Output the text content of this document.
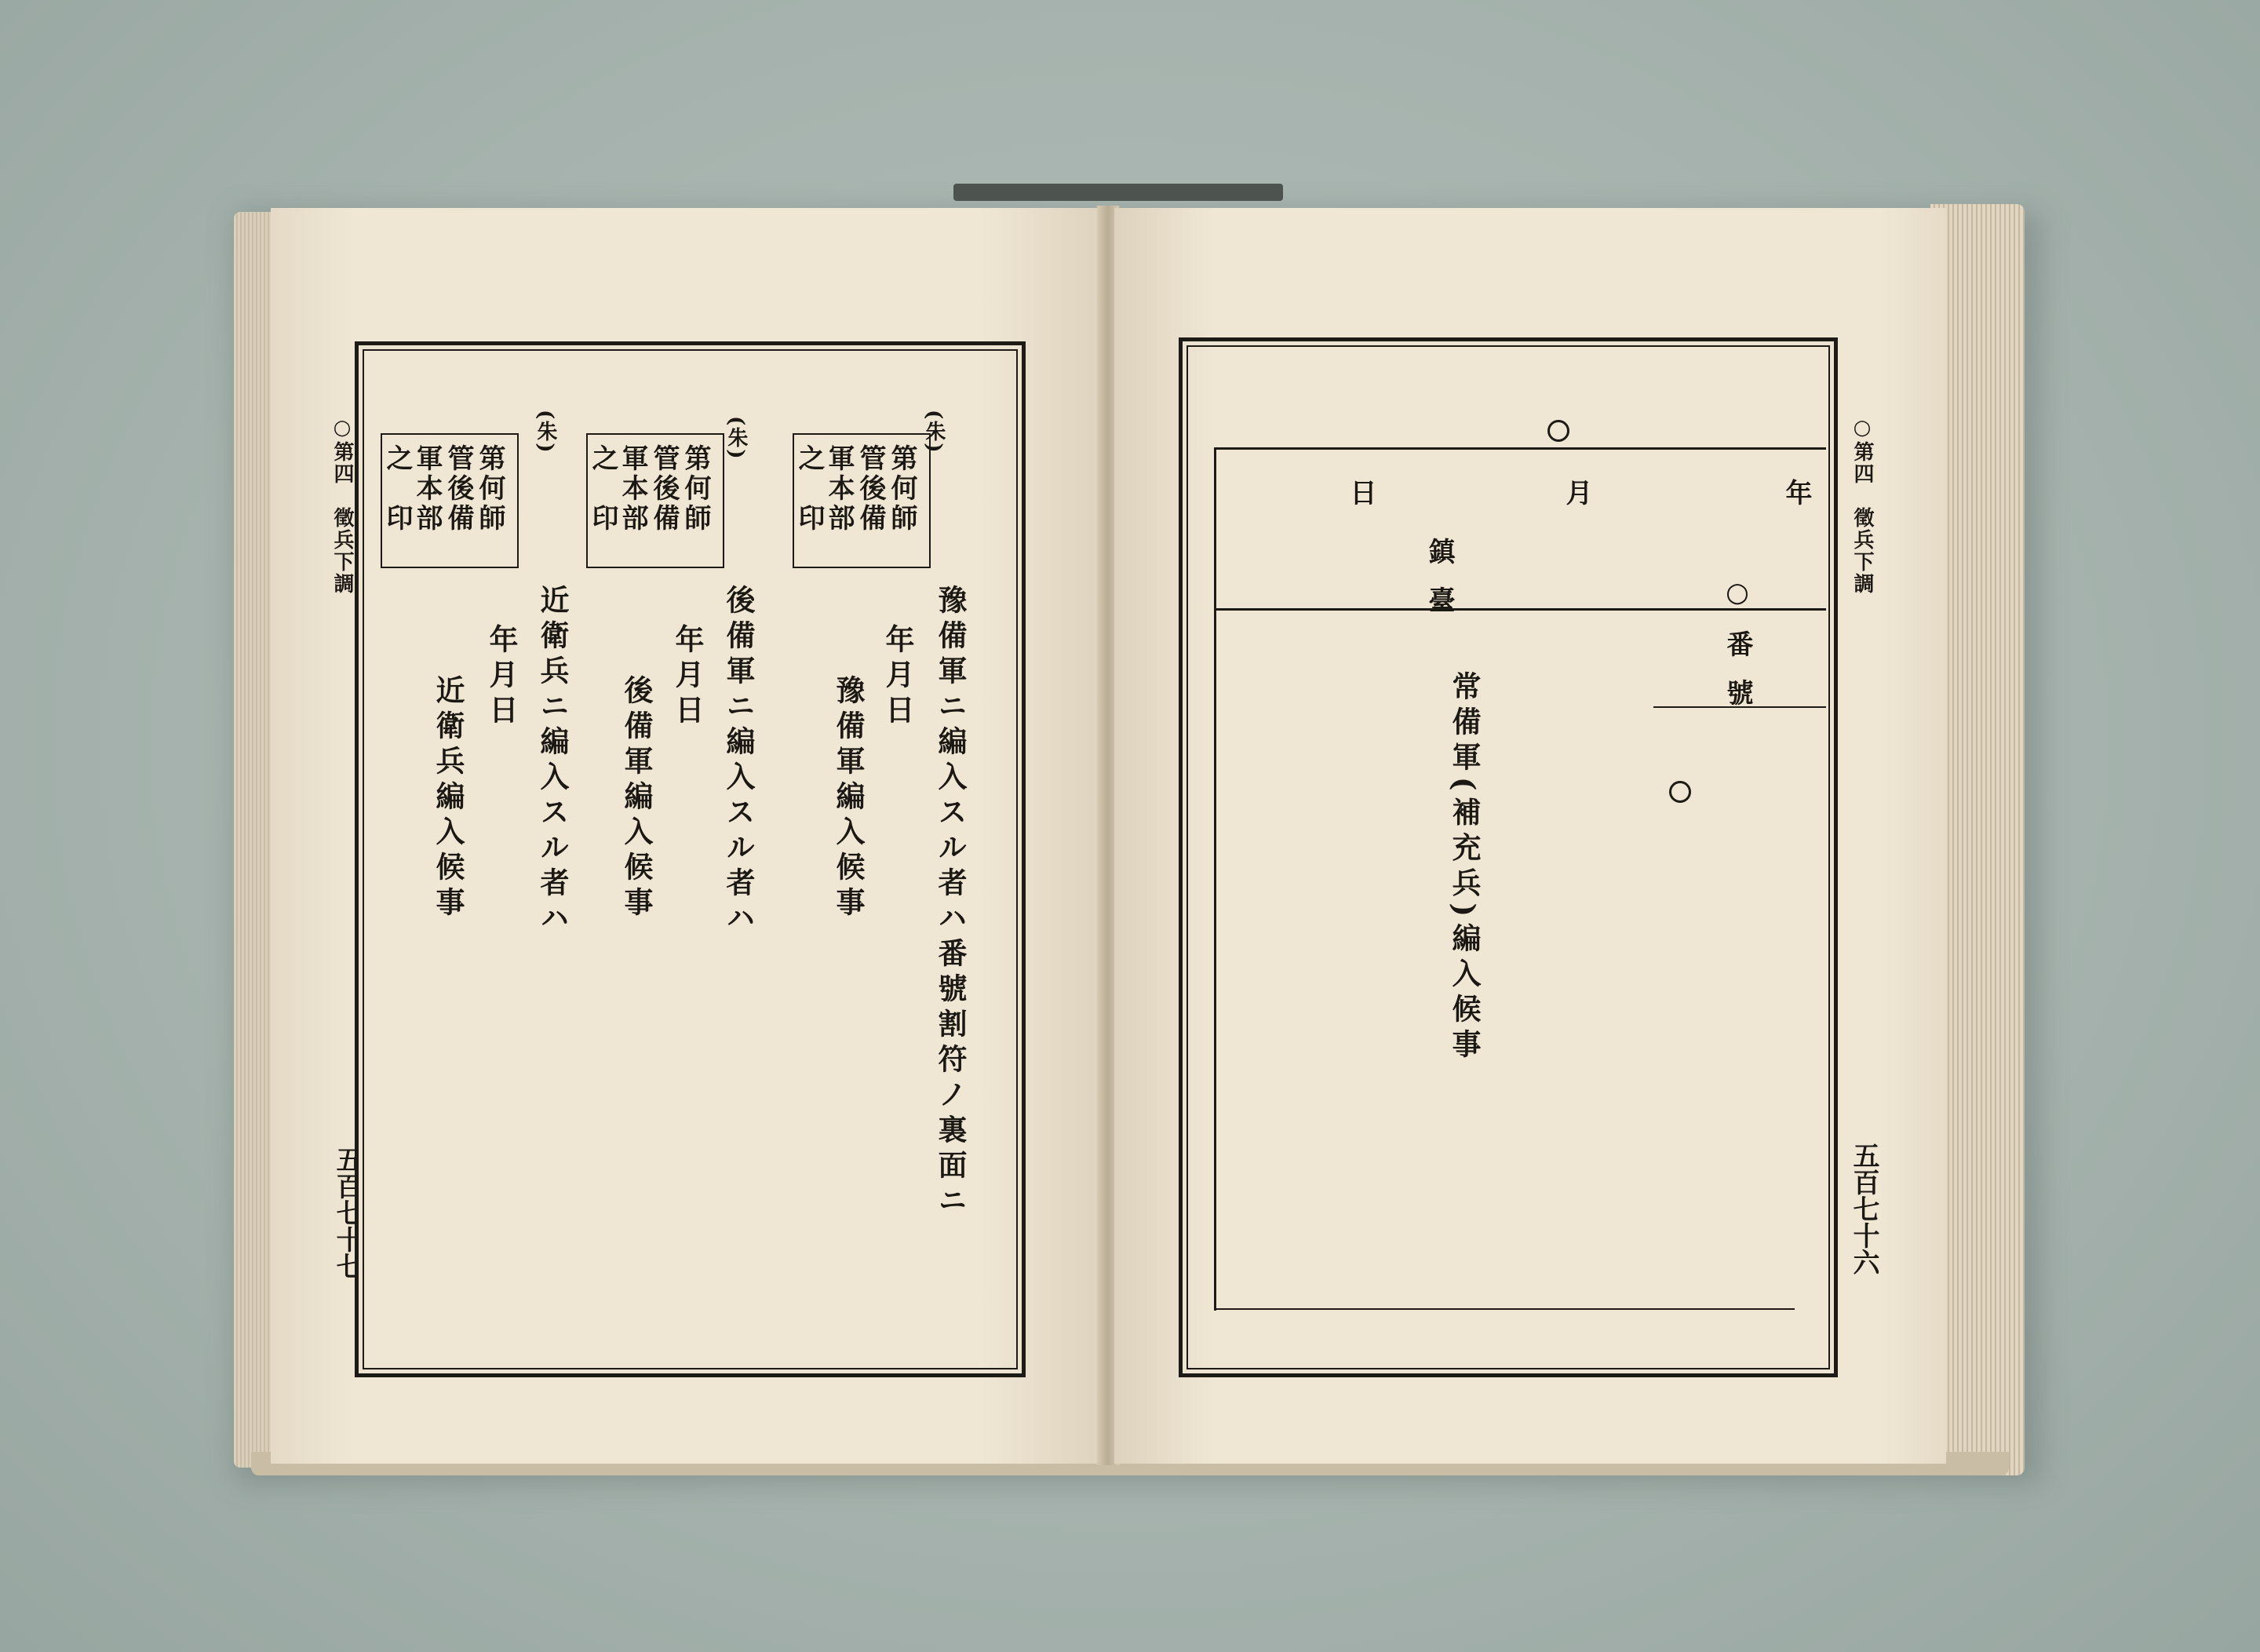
○第四　徵兵下調
五百七十七
(朱)
第何師
管後備
軍本部
之　印
豫備軍ニ編入スル者ハ番號割符ノ裏面ニ
年月日
豫備軍編入候事
(朱)
第何師
管後備
軍本部
之　印
後備軍ニ編入スル者ハ
年月日
後備軍編入候事
(朱)
第何師
管後備
軍本部
之　印
近衛兵ニ編入スル者ハ
年月日
近衛兵編入候事
○第四　徵兵下調
五百七十六
年
月
日
鎮臺	○番號
常備軍(補充兵)編入候事
